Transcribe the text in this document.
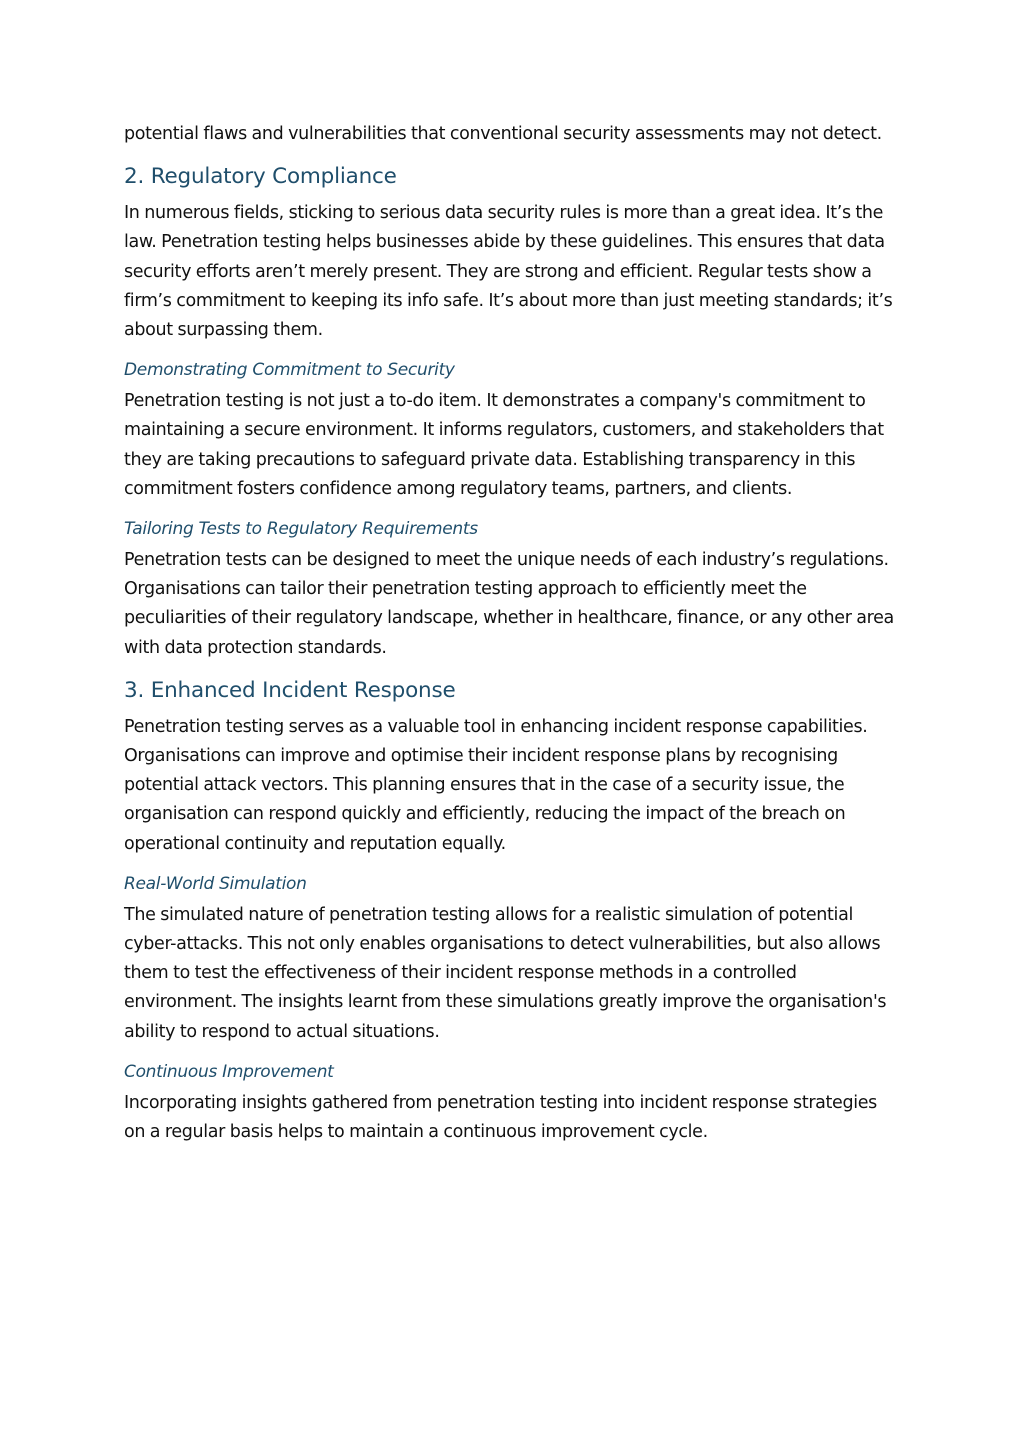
potential flaws and vulnerabilities that conventional security assessments may not detect.

2. Regulatory Compliance

In numerous fields, sticking to serious data security rules is more than a great idea. It’s the law. Penetration testing helps businesses abide by these guidelines. This ensures that data security efforts aren’t merely present. They are strong and efficient. Regular tests show a firm’s commitment to keeping its info safe. It’s about more than just meeting standards; it’s about surpassing them.

Demonstrating Commitment to Security

Penetration testing is not just a to-do item. It demonstrates a company's commitment to maintaining a secure environment. It informs regulators, customers, and stakeholders that they are taking precautions to safeguard private data. Establishing transparency in this commitment fosters confidence among regulatory teams, partners, and clients.

Tailoring Tests to Regulatory Requirements

Penetration tests can be designed to meet the unique needs of each industry’s regulations. Organisations can tailor their penetration testing approach to efficiently meet the peculiarities of their regulatory landscape, whether in healthcare, finance, or any other area with data protection standards.

3. Enhanced Incident Response

Penetration testing serves as a valuable tool in enhancing incident response capabilities. Organisations can improve and optimise their incident response plans by recognising potential attack vectors. This planning ensures that in the case of a security issue, the organisation can respond quickly and efficiently, reducing the impact of the breach on operational continuity and reputation equally.

Real-World Simulation

The simulated nature of penetration testing allows for a realistic simulation of potential cyber-attacks. This not only enables organisations to detect vulnerabilities, but also allows them to test the effectiveness of their incident response methods in a controlled environment. The insights learnt from these simulations greatly improve the organisation's ability to respond to actual situations.

Continuous Improvement

Incorporating insights gathered from penetration testing into incident response strategies on a regular basis helps to maintain a continuous improvement cycle.
